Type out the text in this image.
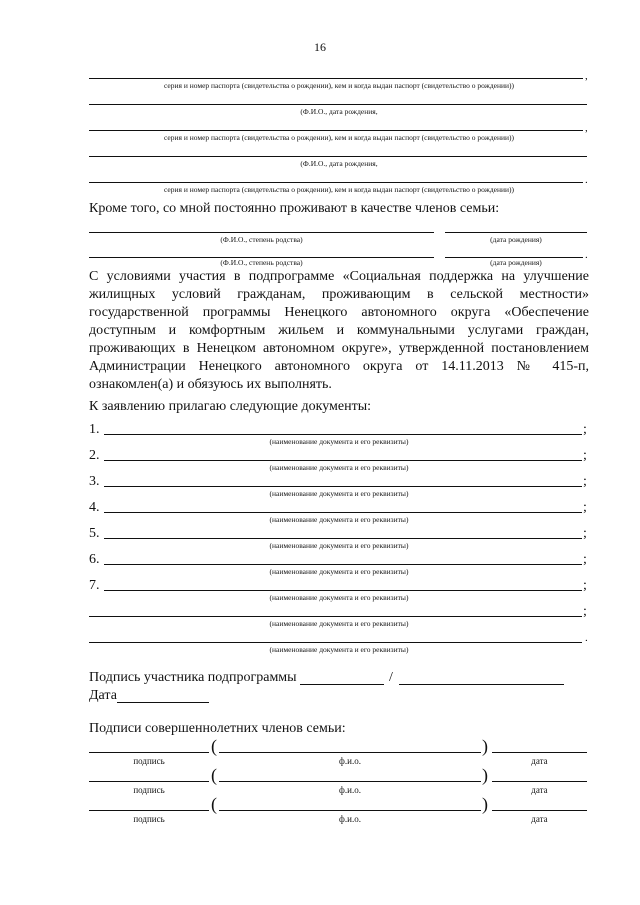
16
,
серия и номер паспорта (свидетельства о рождении), кем и когда выдан паспорт (свидетельство о рождении))
(Ф.И.О., дата рождения,
,
серия и номер паспорта (свидетельства о рождении), кем и когда выдан паспорт (свидетельство о рождении))
(Ф.И.О., дата рождения,
.
серия и номер паспорта (свидетельства о рождении), кем и когда выдан паспорт (свидетельство о рождении))
Кроме того, со мной постоянно проживают в качестве членов семьи:
(Ф.И.О., степень родства)	(дата рождения)
.
(Ф.И.О., степень родства)	(дата рождения)

С условиями участия в подпрограмме «Социальная поддержка на улучшение жилищных условий гражданам, проживающим в сельской местности» государственной программы Ненецкого автономного округа «Обеспечение доступным и комфортным жильем и коммунальными услугами граждан, проживающих в Ненецком автономном округе», утвержденной постановлением Администрации Ненецкого автономного округа от 14.11.2013 № 415-п, ознакомлен(а) и обязуюсь их выполнять.

К заявлению прилагаю следующие документы:
1.	;
(наименование документа и его реквизиты)
2.	;
(наименование документа и его реквизиты)
3.	;
(наименование документа и его реквизиты)
4.	;
(наименование документа и его реквизиты)
5.	;
(наименование документа и его реквизиты)
6.	;
(наименование документа и его реквизиты)
7.	;
(наименование документа и его реквизиты)
;
(наименование документа и его реквизиты)
.
(наименование документа и его реквизиты)
Подпись участника подпрограммы	/
Дата
Подписи совершеннолетних членов семьи:
(	)
подпись	ф.и.о.	дата
(	)
подпись	ф.и.о.	дата
(	)
подпись	ф.и.о.	дата
